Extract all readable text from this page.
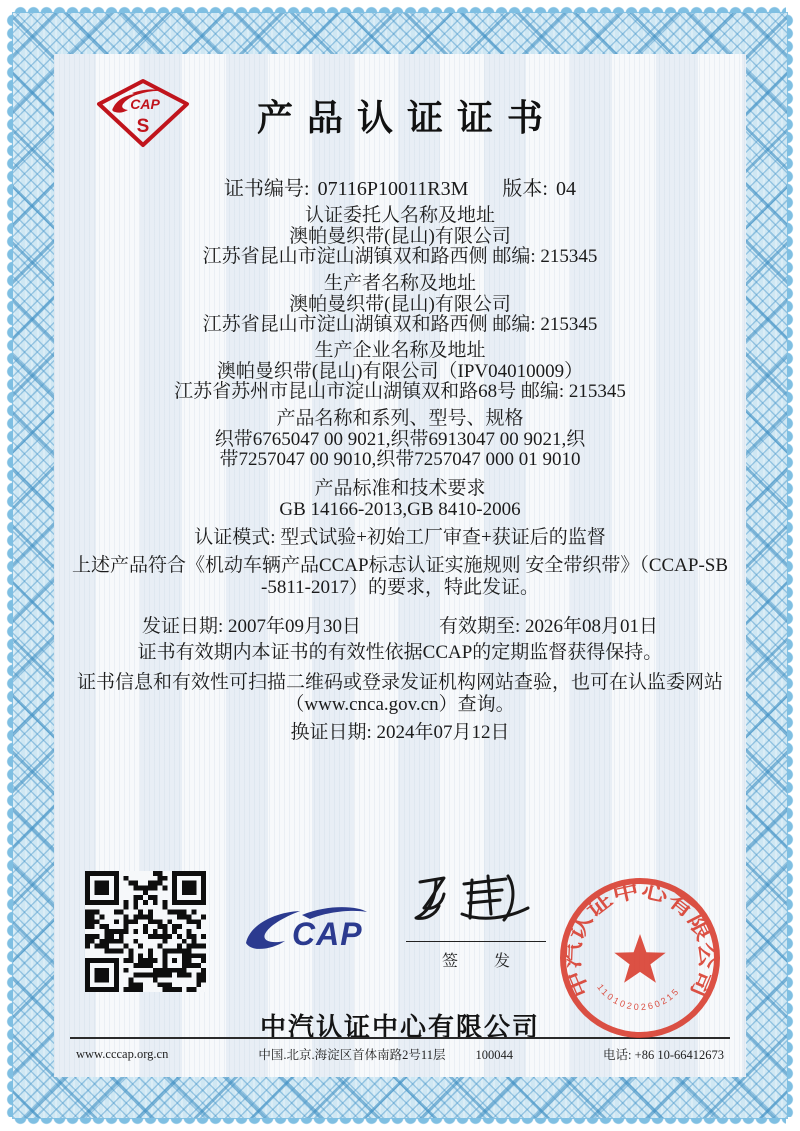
CAP
S	产品认证证书
证书编号: 07116P10011R3M 版本: 04
认证委托人名称及地址
澳帕曼织带(昆山)有限公司
江苏省昆山市淀山湖镇双和路西侧 邮编: 215345
生产者名称及地址
澳帕曼织带(昆山)有限公司
江苏省昆山市淀山湖镇双和路西侧 邮编: 215345
生产企业名称及地址
澳帕曼织带(昆山)有限公司（IPV04010009）
江苏省苏州市昆山市淀山湖镇双和路68号 邮编: 215345
产品名称和系列、型号、规格
织带6765047 00 9021,织带6913047 00 9021,织
带7257047 00 9010,织带7257047 000 01 9010
产品标准和技术要求
GB 14166-2013,GB 8410-2006
认证模式: 型式试验+初始工厂审查+获证后的监督
上述产品符合《机动车辆产品CCAP标志认证实施规则 安全带织带》（CCAP-SB
-5811-2017）的要求，特此发证。
发证日期: 2007年09月30日	有效期至: 2026年08月01日
证书有效期内本证书的有效性依据CCAP的定期监督获得保持。
证书信息和有效性可扫描二维码或登录发证机构网站查验，也可在认监委网站
（www.cnca.gov.cn）查询。
换证日期: 2024年07月12日
CAP
签 发
中汽认证中心有限公司
www.cccap.org.cn	中国.北京.海淀区首体南路2号11层 100044	电话: +86 10-66412673
中汽认证中心有限公司
1101020260215
